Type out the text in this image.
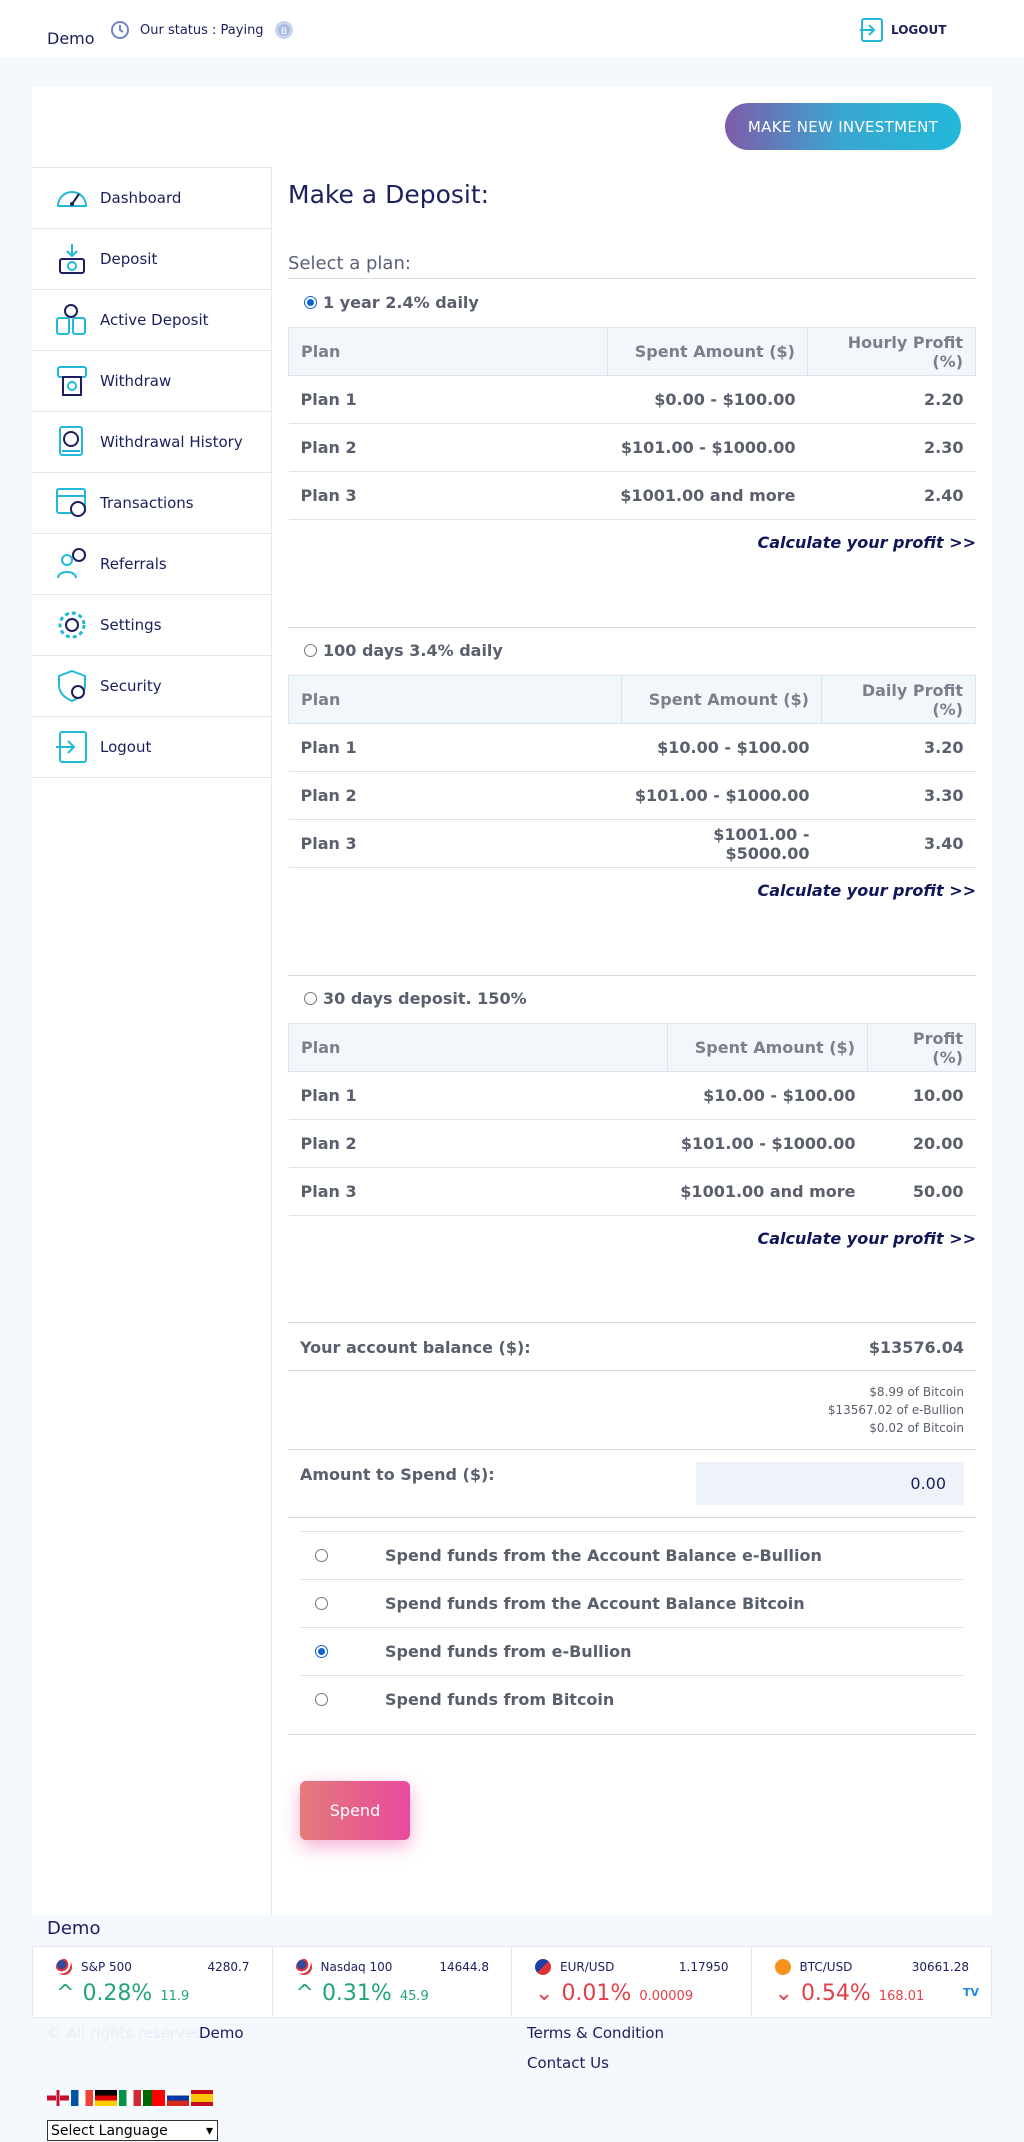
Demo	Our status : Paying B	LOGOUT
MAKE NEW INVESTMENT
Dashboard
Deposit
Active Deposit
Withdraw
Withdrawal History
Transactions
Referrals
Settings
Security
Logout
Make a Deposit:
Select a plan:
1 year 2.4% daily
Plan	Spent Amount ($)	Hourly Profit (%)
Plan 1	$0.00 - $100.00	2.20
Plan 2	$101.00 - $1000.00	2.30
Plan 3	$1001.00 and more	2.40
Calculate your profit >>
100 days 3.4% daily
Plan	Spent Amount ($)	Daily Profit (%)
Plan 1	$10.00 - $100.00	3.20
Plan 2	$101.00 - $1000.00	3.30
Plan 3	$1001.00 - $5000.00	3.40
Calculate your profit >>
30 days deposit. 150%
Plan	Spent Amount ($)	Profit (%)
Plan 1	$10.00 - $100.00	10.00
Plan 2	$101.00 - $1000.00	20.00
Plan 3	$1001.00 and more	50.00
Calculate your profit >>
Your account balance ($):	$13576.04
$8.99 of Bitcoin
$13567.02 of e-Bullion
$0.02 of Bitcoin
Amount to Spend ($):
0.00
Spend funds from the Account Balance e-Bullion
Spend funds from the Account Balance Bitcoin
Spend funds from e-Bullion
Spend funds from Bitcoin
Spend
Demo
S&P 500	4280.7
^ 0.28% 11.9
Nasdaq 100	14644.8
^ 0.31% 45.9
EUR/USD	1.17950
⌄ 0.01% 0.00009
BTC/USD	30661.28
⌄ 0.54% 168.01	TV
© All rights reserved.
Demo	Terms & Condition
Contact Us
Select Language	▾
